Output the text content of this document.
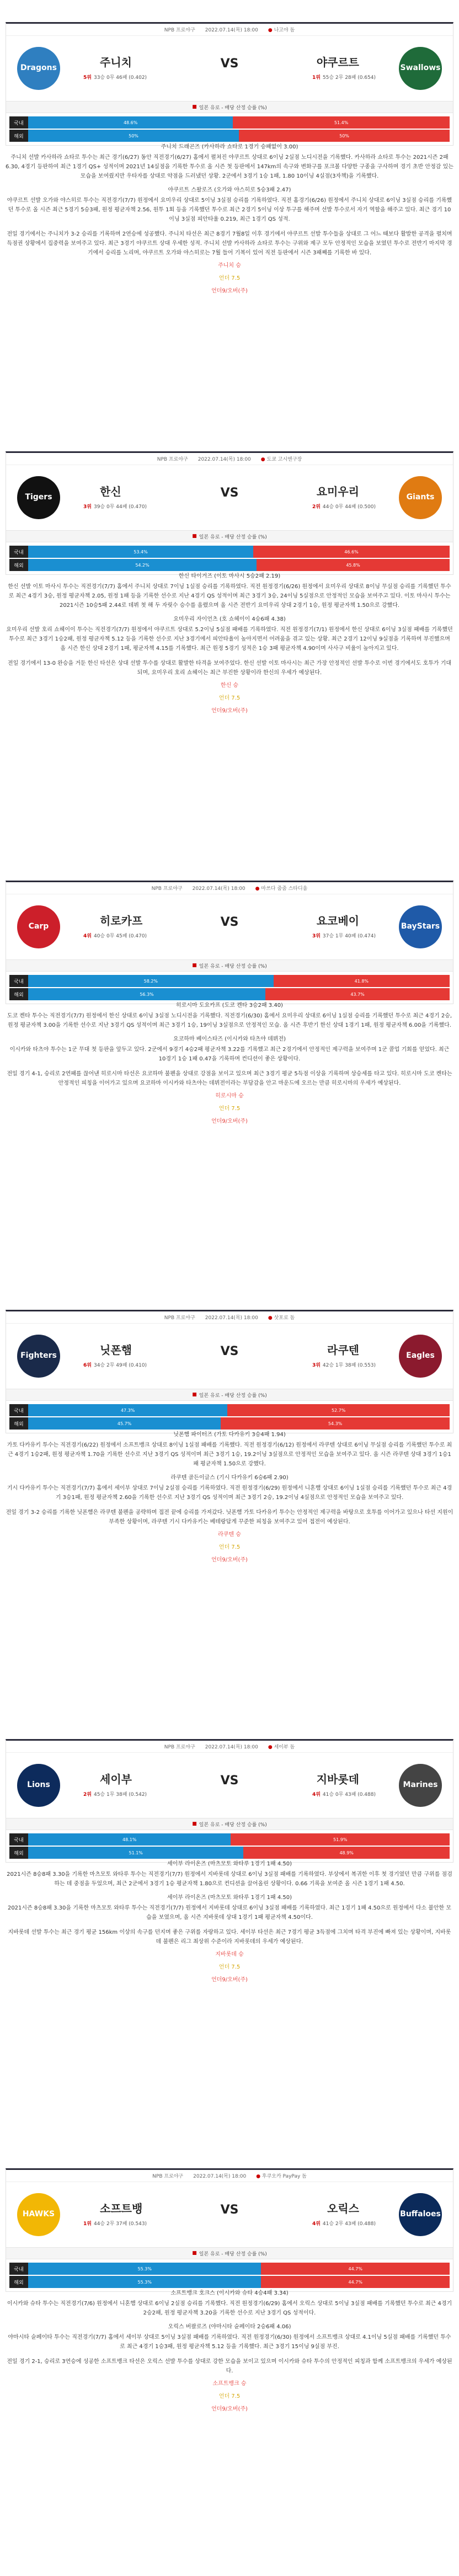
NPB 프로야구 2022.07.14(목) 18:00 ● 나고야 돔
Dragons	주니치
5위 33승 0무 46패 (0.402)
VS	Swallows
야쿠르트
1위 55승 2무 28패 (0.654)
■ 일본 유로 - 배당 산정 승률 (%)
국내	48.6%	51.4%
해외	50%	50%

주니치 드래곤즈 (카사하라 쇼타로 1경기 승패없이 3.00)

주니치 선발 카사하라 쇼타로 투수는 최근 경기(6/27) 동안 직전경기(6/27) 홈에서 펼쳐진 야쿠르트 상대로 6이닝 2실점 노디시전을 기록했다. 카사하라 쇼타로 투수는 2021시즌 2패 6.30, 4경기 등판하여 최근 1경기 QS+ 성적이며 2021년 14실점을 기록한 투수로 올 시즌 첫 등판에서 147km의 속구와 변화구를 포크볼 다양한 구종을 구사하며 경기 초반 안정감 있는 모습을 보여줬지만 우타자를 상대로 약점을 드러냈던 상황. 2군에서 3경기 1승 1패, 1.80 10이닝 4실점(3자책)을 기록했다.

야쿠르트 스왈로즈 (오가와 야스히로 5승3패 2.47)

야쿠르트 선발 오가와 야스히로 투수는 직전경기(7/7) 원정에서 요미우리 상대로 5이닝 3실점 승리를 기록하였다. 직전 홈경기(6/26) 원정에서 주니치 상대로 6이닝 3실점 승리를 기록했던 투수로 올 시즌 최근 5경기 5승3패, 원정 평균자책 2.56, 원투 1회 등을 기록했던 투수로 최근 2경기 5이닝 이상 투구를 해주며 선발 투수로서 자기 역할을 해주고 있다. 최근 경기 10이닝 3실점 피안타율 0.219, 최근 1경기 QS 성적.

전일 경기에서는 주니치가 3-2 승리를 기록하며 2연승에 성공했다. 주니치 타선은 최근 8경기 7월8일 이후 경기에서 야쿠르트 선발 투수들을 상대로 그 어느 때보다 활발한 공격을 펼치며 득점권 상황에서 집중력을 보여주고 있다. 최근 3경기 야쿠르트 상대 우세한 성적. 주니치 선발 카사하라 쇼타로 투수는 구위와 제구 모두 안정적인 모습을 보였던 투수로 전반기 마지막 경기에서 승리를 노리며, 야쿠르트 오가와 야스히로는 7월 들어 기복이 있어 직전 등판에서 시즌 3패째를 기록한 바 있다.

주니치 승

언더 7.5

언더9/오버(주)

NPB 프로야구 2022.07.14(목) 18:00 ● 도쿄 고시엔구장
Tigers	한신
3위 39승 0무 44패 (0.470)
VS	Giants
요미우리
2위 44승 0무 44패 (0.500)
■ 일본 유로 - 배당 산정 승률 (%)
국내	53.4%	46.6%
해외	54.2%	45.8%

한신 타이거즈 (이토 마사시 5승2패 2.19)

한신 선발 이토 마사시 투수는 직전경기(7/7) 홈에서 주니치 상대로 7이닝 1실점 승리를 기록하였다. 직전 원정경기(6/26) 원정에서 요미우리 상대로 8이닝 무실점 승리를 기록했던 투수로 최근 4경기 3승, 원정 평균자책 2.05, 원정 1패 등을 기록한 선수로 지난 4경기 QS 성적이며 최근 3경기 3승, 24이닝 5실점으로 안정적인 모습을 보여주고 있다. 이토 마사시 투수는 2021시즌 10승5패 2.44로 데뷔 첫 해 두 자릿수 승수를 올렸으며 올 시즌 전반기 요미우리 상대 2경기 1승, 원정 평균자책 1.50으로 강했다.

요미우리 자이언츠 (호 쇼헤이이 4승6패 4.38)

요미우리 선발 호리 쇼헤이이 투수는 직전경기(7/7) 원정에서 야쿠르트 상대로 5.2이닝 5실점 패배를 기록하였다. 직전 원정경기(7/1) 원정에서 한신 상대로 6이닝 3실점 패배를 기록했던 투수로 최근 3경기 1승2패, 원정 평균자책 5.12 등을 기록한 선수로 지난 3경기에서 피안타율이 높아지면서 어려움을 겪고 있는 상황. 최근 2경기 12이닝 9실점을 기록하며 부진했으며 올 시즌 한신 상대 2경기 1패, 평균자책 4.15를 기록했다. 최근 원정 5경기 성적은 1승 3패 평균자책 4.90이며 사사구 비율이 높아지고 있다.

전일 경기에서 13-0 완승을 거둔 한신 타선은 상대 선발 투수를 상대로 활발한 타격을 보여주었다. 한신 선발 이토 마사시는 최근 가장 안정적인 선발 투수로 이번 경기에서도 호투가 기대되며, 요미우리 호리 쇼헤이는 최근 부진한 상황이라 한신의 우세가 예상된다.

한신 승

언더 7.5

언더9/오버(주)

NPB 프로야구 2022.07.14(목) 18:00 ● 마쓰다 줌줌 스타디움
Carp	히로카프
4위 40승 0무 45패 (0.470)
VS	BayStars
요코베이
3위 37승 1무 40패 (0.474)
■ 일본 유로 - 배당 산정 승률 (%)
국내	58.2%	41.8%
해외	56.3%	43.7%

히로시마 도요카프 (도코 켄타 3승2패 3.40)

도코 켄타 투수는 직전경기(7/7) 원정에서 한신 상대로 6이닝 3실점 노디시전을 기록했다. 직전경기(6/30) 홈에서 요미우리 상대로 6이닝 1실점 승리를 기록했던 투수로 최근 4경기 2승, 원정 평균자책 3.00을 기록한 선수로 지난 3경기 QS 성적이며 최근 3경기 1승, 19이닝 3실점으로 안정적인 모습. 올 시즌 후반기 한신 상대 1경기 1패, 원정 평균자책 6.00을 기록했다.

요코하마 베이스타즈 (이시카와 타츠야 데뷔전)

이시카와 타츠야 투수는 1군 무대 첫 등판을 앞두고 있다. 2군에서 9경기 4승2패 평균자책 3.22를 기록했고 최근 2경기에서 안정적인 제구력을 보여주며 1군 콜업 기회를 얻었다. 최근 10경기 1승 1패 0.47을 기록하며 컨디션이 좋은 상황이다.

전일 경기 4-1, 승리로 2연패를 끊어낸 히로시마 타선은 요코하마 불펜을 상대로 강점을 보이고 있으며 최근 3경기 평균 5득점 이상을 기록하며 상승세를 타고 있다. 히로시마 도코 켄타는 안정적인 피칭을 이어가고 있으며 요코하마 이시카와 타츠야는 데뷔전이라는 부담감을 안고 마운드에 오르는 만큼 히로시마의 우세가 예상된다.

히로시마 승

언더 7.5

언더9/오버(주)

NPB 프로야구 2022.07.14(목) 18:00 ● 삿포로 돔
Fighters	닛폰햄
6위 34승 2무 49패 (0.410)
VS	Eagles
라쿠텐
3위 42승 1무 38패 (0.553)
■ 일본 유로 - 배당 산정 승률 (%)
국내	47.3%	52.7%
해외	45.7%	54.3%

닛폰햄 파이터즈 (가토 다카유키 3승4패 1.94)

가토 다카유키 투수는 직전경기(6/22) 원정에서 소프트뱅크 상대로 8이닝 1실점 패배를 기록했다. 직전 원정경기(6/12) 원정에서 라쿠텐 상대로 6이닝 무실점 승리를 기록했던 투수로 최근 4경기 1승2패, 원정 평균자책 1.70을 기록한 선수로 지난 3경기 QS 성적이며 최근 3경기 1승, 19.2이닝 3실점으로 안정적인 모습을 보여주고 있다. 올 시즌 라쿠텐 상대 3경기 1승1패 평균자책 1.50으로 강했다.

라쿠텐 골든이글스 (기시 다카유키 6승6패 2.90)

기시 다카유키 투수는 직전경기(7/7) 홈에서 세이부 상대로 7이닝 2실점 승리를 기록하였다. 직전 원정경기(6/29) 원정에서 니혼햄 상대로 6이닝 1실점 승리를 기록했던 투수로 최근 4경기 3승1패, 원정 평균자책 2.60을 기록한 선수로 지난 3경기 QS 성적이며 최근 3경기 2승, 19.2이닝 4실점으로 안정적인 모습을 보여주고 있다.

전일 경기 3-2 승리를 기록한 닛폰햄은 라쿠텐 불펜을 공략하며 접전 끝에 승리를 가져갔다. 닛폰햄 가토 다카유키 투수는 안정적인 제구력을 바탕으로 호투를 이어가고 있으나 타선 지원이 부족한 상황이며, 라쿠텐 기시 다카유키는 베테랑답게 꾸준한 피칭을 보여주고 있어 접전이 예상된다.

라쿠텐 승

언더 7.5

언더9/오버(주)

NPB 프로야구 2022.07.14(목) 18:00 ● 세이부 돔
Lions	세이부
2위 45승 1무 38패 (0.542)
VS	Marines
지바롯데
4위 41승 0무 43패 (0.488)
■ 일본 유로 - 배당 산정 승률 (%)
국내	48.1%	51.9%
해외	51.1%	48.9%

세이부 라이온즈 (마츠모토 와타루 1경기 1패 4.50)

2021시즌 8승8패 3.30을 기록한 마츠모토 와타루 투수는 직전경기(7/7) 원정에서 지바롯데 상대로 6이닝 3실점 패배를 기록하였다. 부상에서 복귀한 이후 첫 경기였던 만큼 구위를 점검하는 데 중점을 두었으며, 최근 2군에서 3경기 1승 평균자책 1.80으로 컨디션을 끌어올린 상황이다. 0.66 기록을 보여준 올 시즌 1경기 1패 4.50.

세이부 라이온즈 (마츠모토 와타루 1경기 1패 4.50)

2021시즌 8승8패 3.30을 기록한 마츠모토 와타루 투수는 직전경기(7/7) 원정에서 지바롯데 상대로 6이닝 3실점 패배를 기록하였다. 최근 1경기 1패 4.50으로 원정에서 다소 불안한 모습을 보였으며, 올 시즌 지바롯데 상대 1경기 1패 평균자책 4.50이다.

지바롯데 선발 투수는 최근 경기 평균 156km 이상의 속구를 던지며 좋은 구위를 자랑하고 있다. 세이부 타선은 최근 7경기 평균 3득점에 그치며 타격 부진에 빠져 있는 상황이며, 지바롯데 불펜은 리그 최상위 수준이라 지바롯데의 우세가 예상된다.

지바롯데 승

언더 7.5

언더9/오버(주)

NPB 프로야구 2022.07.14(목) 18:00 ● 후쿠오카 PayPay 돔
HAWKS	소프트뱅
1위 44승 2무 37패 (0.543)
VS	Buffaloes
오릭스
4위 41승 2무 43패 (0.488)
■ 일본 유로 - 배당 산정 승률 (%)
국내	55.3%	44.7%
해외	55.3%	44.7%

소프트뱅크 호크스 (이시카와 슈타 4승4패 3.34)

이시카와 슈타 투수는 직전경기(7/6) 원정에서 니혼햄 상대로 6이닝 2실점 승리를 기록했다. 직전 원정경기(6/29) 홈에서 오릭스 상대로 5이닝 3실점 패배를 기록했던 투수로 최근 4경기 2승2패, 원정 평균자책 3.20을 기록한 선수로 지난 3경기 QS 성적이다.

오릭스 버팔로즈 (야마시타 슌페이타 2승6패 4.06)

야마시타 슌페이타 투수는 직전경기(7/7) 홈에서 세이부 상대로 5이닝 3실점 패배를 기록하였다. 직전 원정경기(6/30) 원정에서 소프트뱅크 상대로 4.1이닝 5실점 패배를 기록했던 투수로 최근 4경기 1승3패, 원정 평균자책 5.12 등을 기록했다. 최근 3경기 15이닝 9실점 부진.

전일 경기 2-1, 승리로 3연승에 성공한 소프트뱅크 타선은 오릭스 선발 투수를 상대로 강한 모습을 보이고 있으며 이시카와 슈타 투수의 안정적인 피칭과 함께 소프트뱅크의 우세가 예상된다.

소프트뱅크 승

언더 7.5

언더9/오버(주)
